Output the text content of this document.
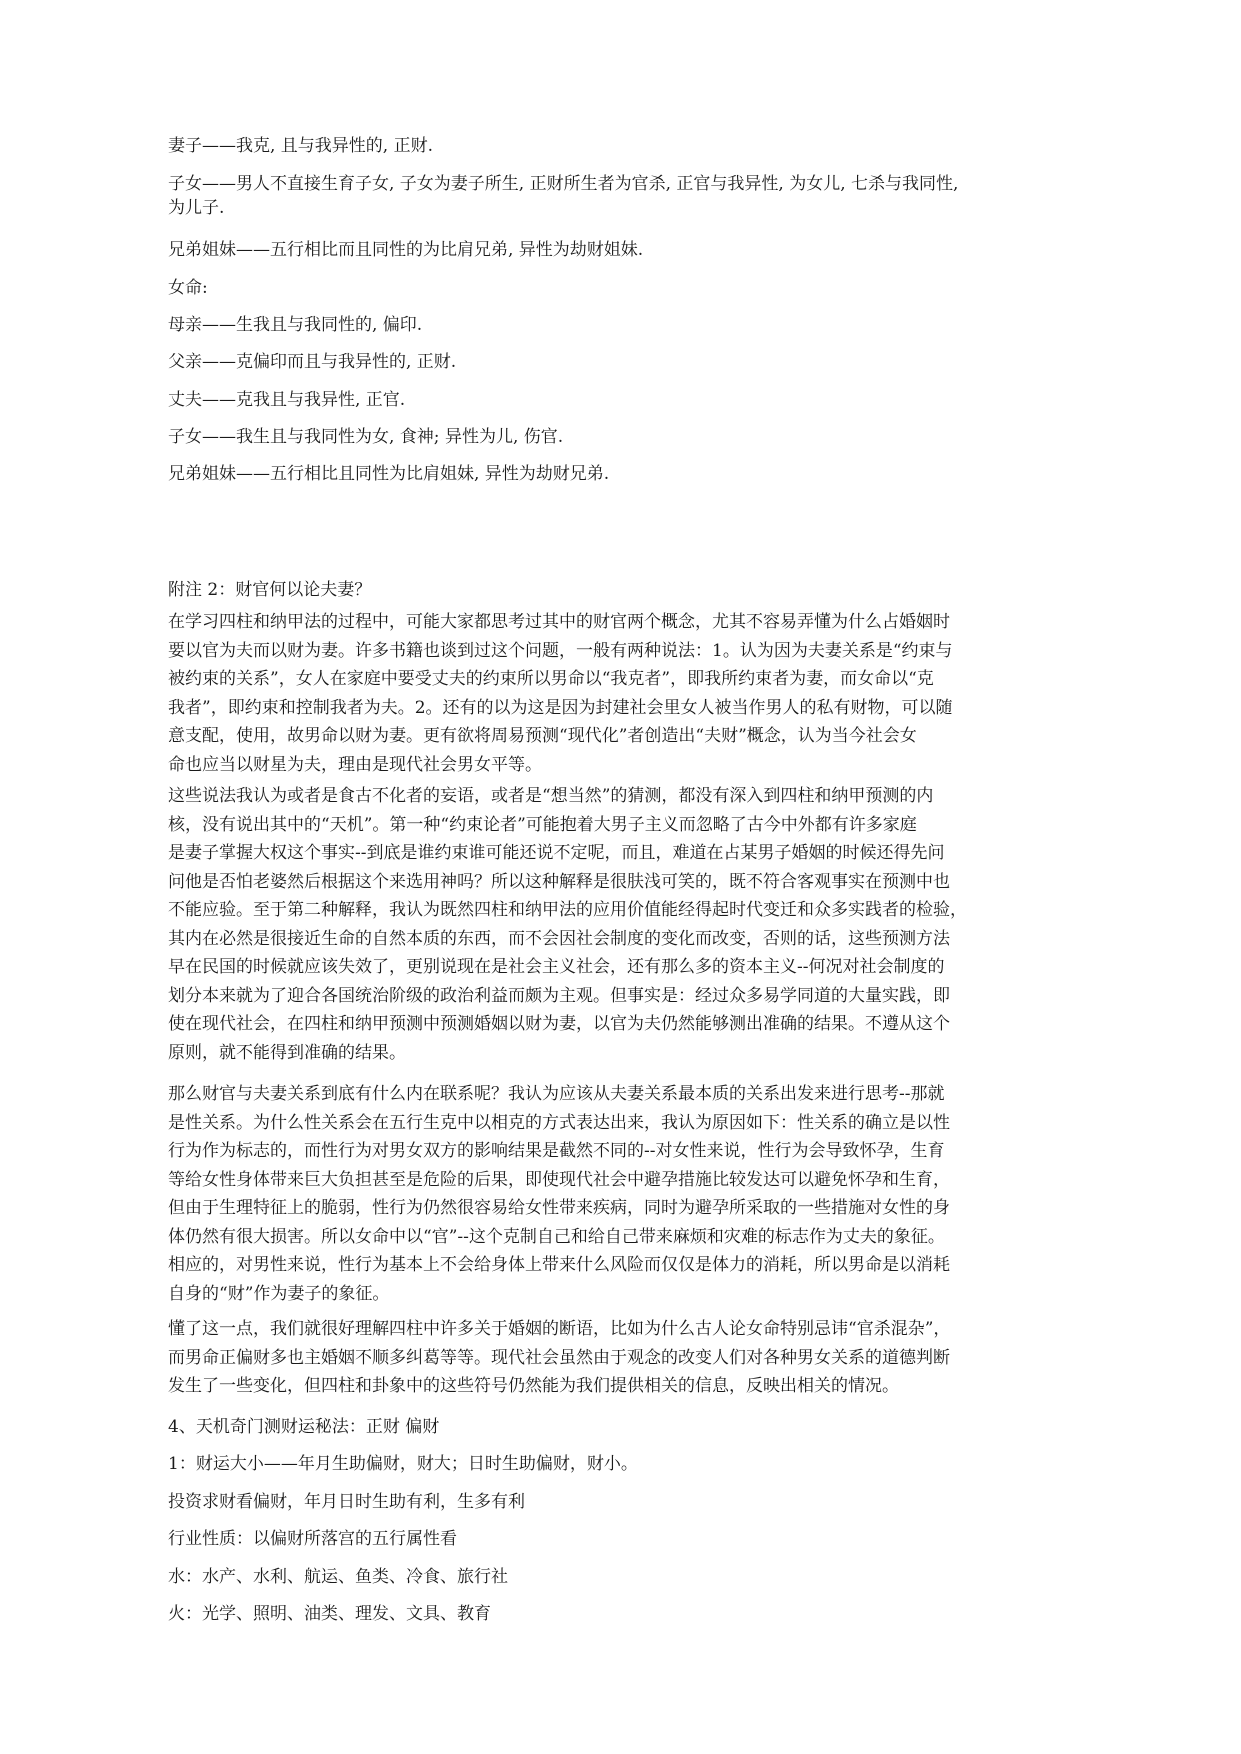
妻子——我克, 且与我异性的, 正财.
子女——男人不直接生育子女, 子女为妻子所生, 正财所生者为官杀, 正官与我异性, 为女儿, 七杀与我同性,
为儿子.
兄弟姐妹——五行相比而且同性的为比肩兄弟, 异性为劫财姐妹.
女命:
母亲——生我且与我同性的, 偏印.
父亲——克偏印而且与我异性的, 正财.
丈夫——克我且与我异性, 正官.
子女——我生且与我同性为女, 食神; 异性为儿, 伤官.
兄弟姐妹——五行相比且同性为比肩姐妹, 异性为劫财兄弟.
附注 2：财官何以论夫妻？
在学习四柱和纳甲法的过程中，可能大家都思考过其中的财官两个概念，尤其不容易弄懂为什么占婚姻时
要以官为夫而以财为妻。许多书籍也谈到过这个问题，一般有两种说法：1。认为因为夫妻关系是“约束与
被约束的关系”，女人在家庭中要受丈夫的约束所以男命以“我克者”，即我所约束者为妻，而女命以“克
我者”，即约束和控制我者为夫。2。还有的以为这是因为封建社会里女人被当作男人的私有财物，可以随
意支配，使用，故男命以财为妻。更有欲将周易预测“现代化”者创造出“夫财”概念，认为当今社会女
命也应当以财星为夫，理由是现代社会男女平等。
这些说法我认为或者是食古不化者的妄语，或者是“想当然”的猜测，都没有深入到四柱和纳甲预测的内
核，没有说出其中的“天机”。第一种“约束论者”可能抱着大男子主义而忽略了古今中外都有许多家庭
是妻子掌握大权这个事实--到底是谁约束谁可能还说不定呢，而且，难道在占某男子婚姻的时候还得先问
问他是否怕老婆然后根据这个来选用神吗？所以这种解释是很肤浅可笑的，既不符合客观事实在预测中也
不能应验。至于第二种解释，我认为既然四柱和纳甲法的应用价值能经得起时代变迁和众多实践者的检验，
其内在必然是很接近生命的自然本质的东西，而不会因社会制度的变化而改变，否则的话，这些预测方法
早在民国的时候就应该失效了，更别说现在是社会主义社会，还有那么多的资本主义--何况对社会制度的
划分本来就为了迎合各国统治阶级的政治利益而颇为主观。但事实是：经过众多易学同道的大量实践，即
使在现代社会，在四柱和纳甲预测中预测婚姻以财为妻，以官为夫仍然能够测出准确的结果。不遵从这个
原则，就不能得到准确的结果。
那么财官与夫妻关系到底有什么内在联系呢？我认为应该从夫妻关系最本质的关系出发来进行思考--那就
是性关系。为什么性关系会在五行生克中以相克的方式表达出来，我认为原因如下：性关系的确立是以性
行为作为标志的，而性行为对男女双方的影响结果是截然不同的--对女性来说，性行为会导致怀孕，生育
等给女性身体带来巨大负担甚至是危险的后果，即使现代社会中避孕措施比较发达可以避免怀孕和生育，
但由于生理特征上的脆弱，性行为仍然很容易给女性带来疾病，同时为避孕所采取的一些措施对女性的身
体仍然有很大损害。所以女命中以“官”--这个克制自己和给自己带来麻烦和灾难的标志作为丈夫的象征。
相应的，对男性来说，性行为基本上不会给身体上带来什么风险而仅仅是体力的消耗，所以男命是以消耗
自身的“财”作为妻子的象征。
懂了这一点，我们就很好理解四柱中许多关于婚姻的断语，比如为什么古人论女命特别忌讳“官杀混杂”，
而男命正偏财多也主婚姻不顺多纠葛等等。现代社会虽然由于观念的改变人们对各种男女关系的道德判断
发生了一些变化，但四柱和卦象中的这些符号仍然能为我们提供相关的信息，反映出相关的情况。
4、天机奇门测财运秘法：正财 偏财
1：财运大小——年月生助偏财，财大；日时生助偏财，财小。
投资求财看偏财，年月日时生助有利，生多有利
行业性质：以偏财所落宫的五行属性看
水：水产、水利、航运、鱼类、冷食、旅行社
火：光学、照明、油类、理发、文具、教育
